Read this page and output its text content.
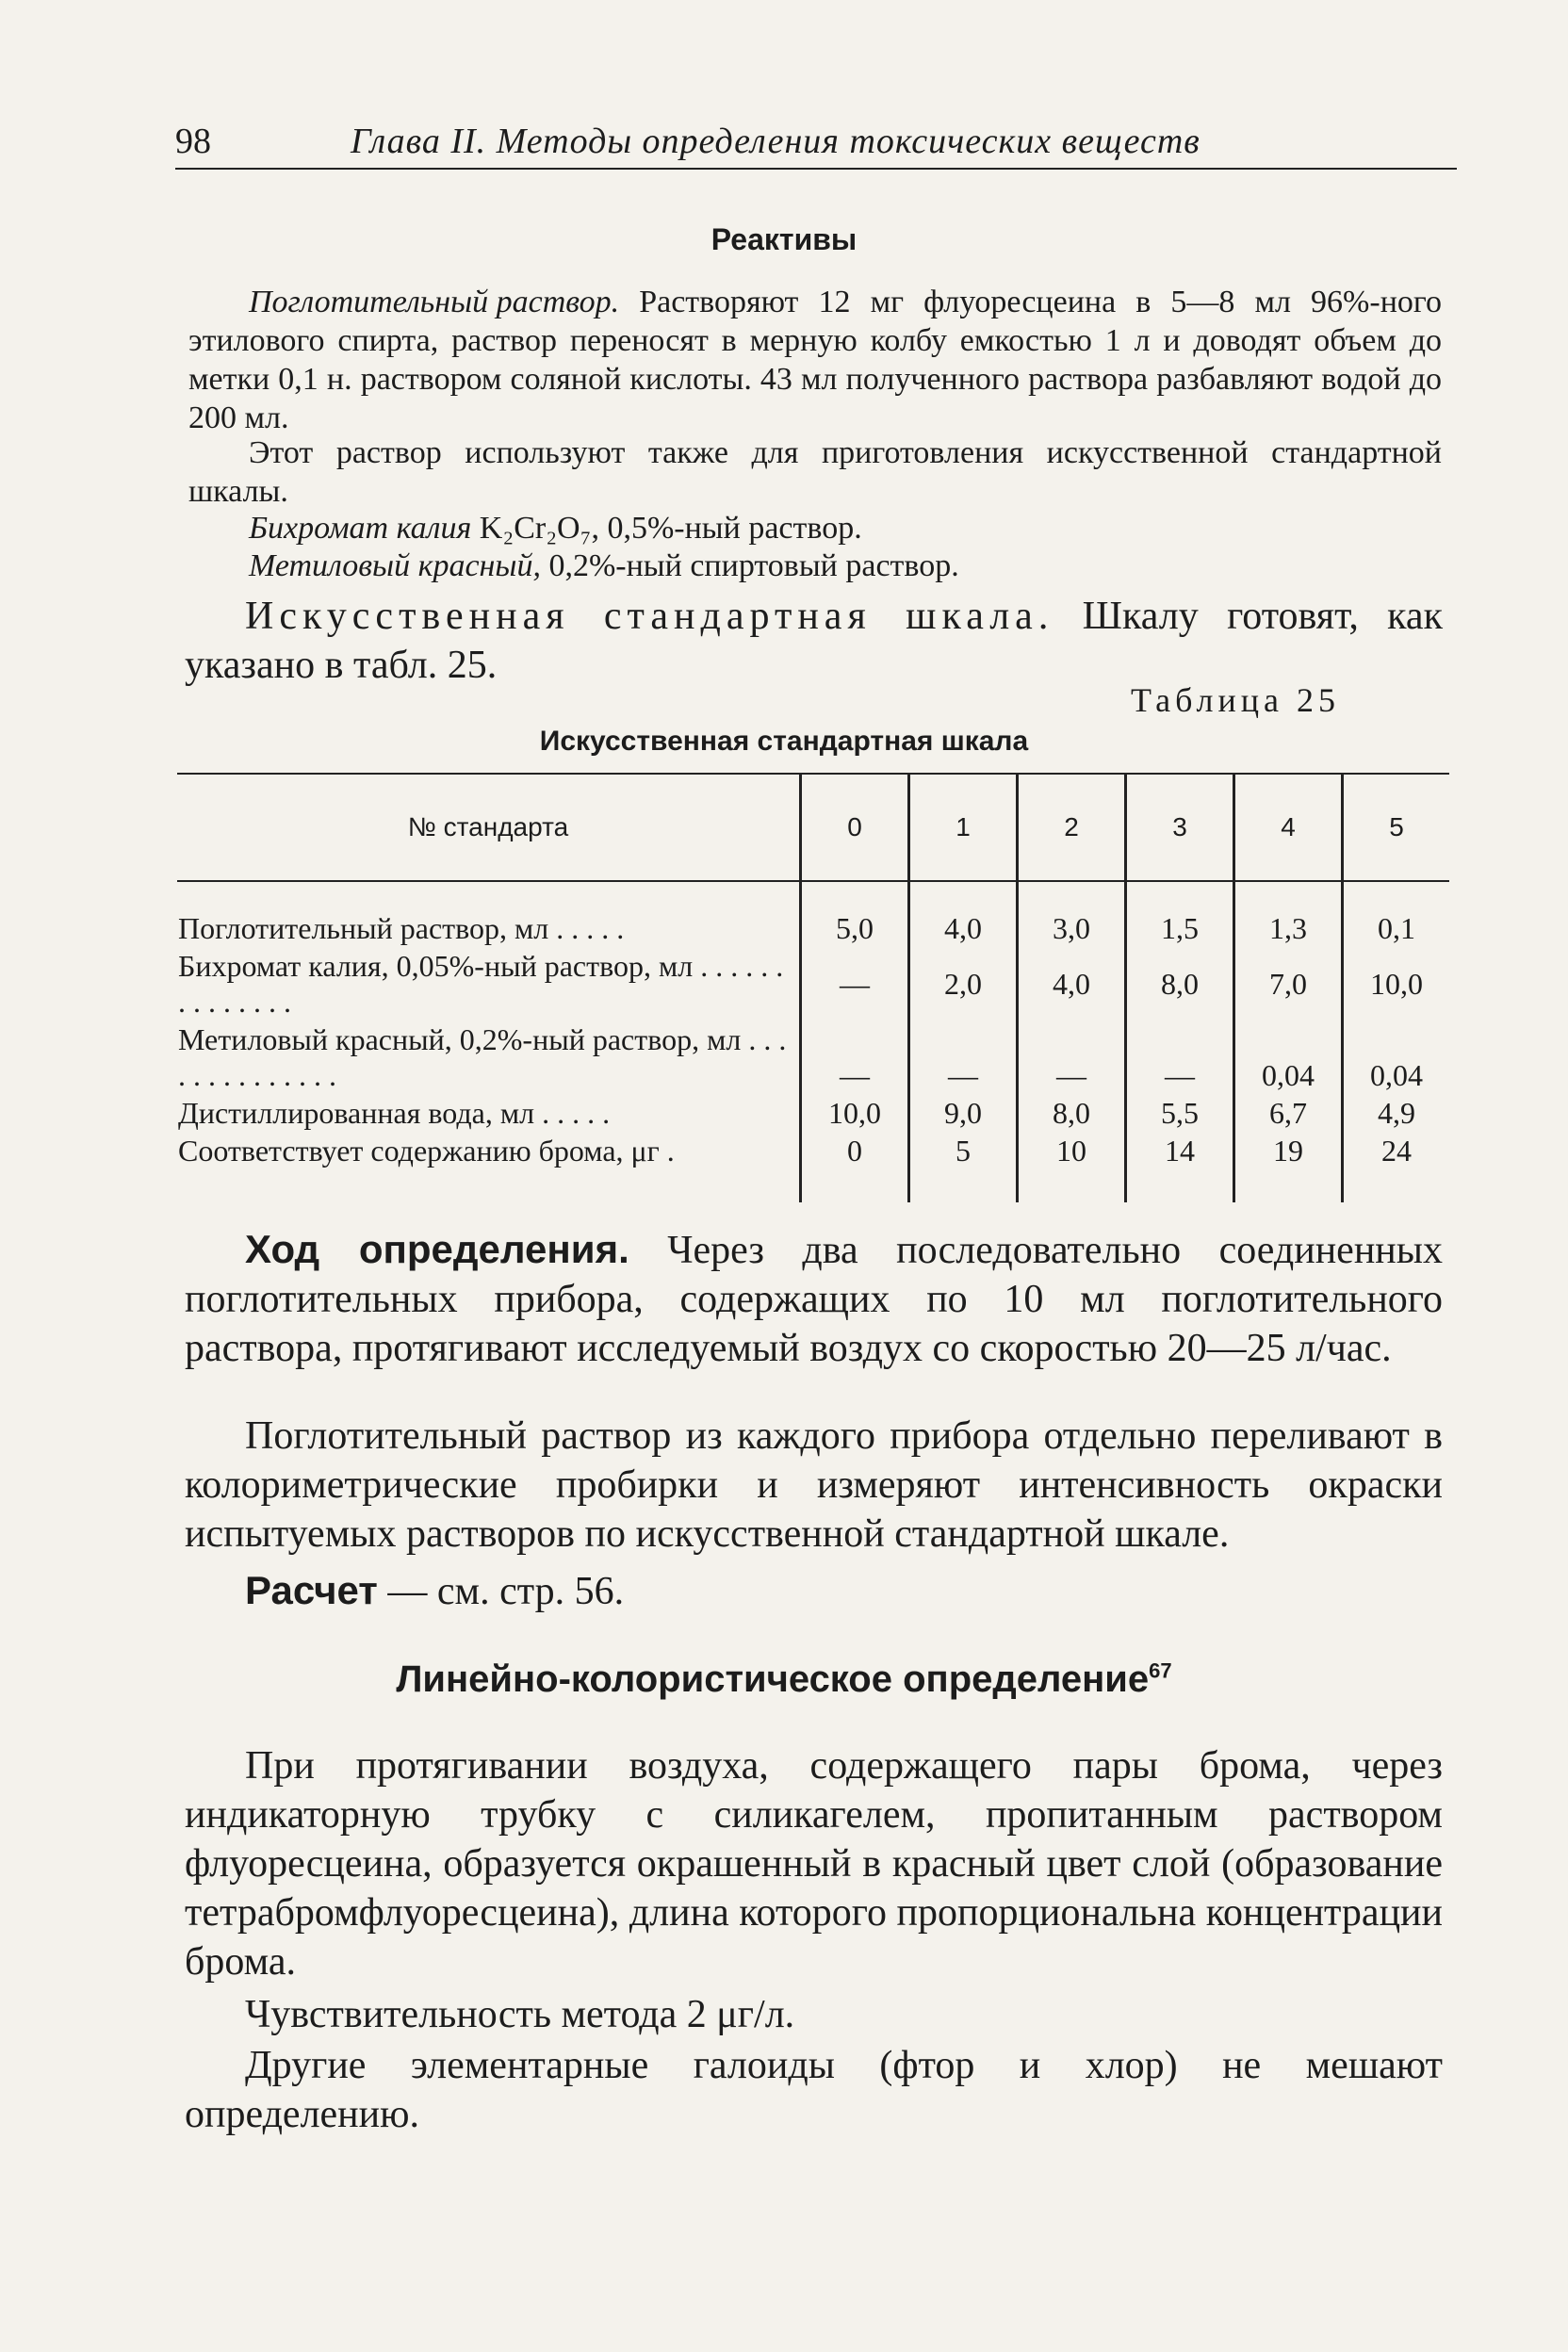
98	Глава II. Методы определения токсических веществ
Реактивы
Поглотительный раствор. Растворяют 12 мг флуоресцеина в 5—8 мл 96%-ного этилового спирта, раствор переносят в мерную колбу емкостью 1 л и доводят объем до метки 0,1 н. раствором соляной кислоты. 43 мл полученного раствора разбавляют водой до 200 мл.
Этот раствор используют также для приготовления искусственной стандартной шкалы.
Бихромат калия K₂Cr₂O₇, 0,5%-ный раствор.
Метиловый красный, 0,2%-ный спиртовый раствор.
Искусственная стандартная шкала. Шкалу готовят, как указано в табл. 25.
Таблица 25
Искусственная стандартная шкала
№ стандарта	0	1	2	3	4	5
Поглотительный раствор, мл . . . . .	5,0	4,0	3,0	1,5	1,3	0,1
Бихромат калия, 0,05%-ный раствор, мл . . . . . . . . . . . . . .	—	2,0	4,0	8,0	7,0	10,0
Метиловый красный, 0,2%-ный раствор, мл . . . . . . . . . . . . . .	—	—	—	—	0,04	0,04
Дистиллированная вода, мл . . . . .	10,0	9,0	8,0	5,5	6,7	4,9
Соответствует содержанию брома, μг .	0	5	10	14	19	24
Ход определения. Через два последовательно соединенных поглотительных прибора, содержащих по 10 мл поглотительного раствора, протягивают исследуемый воздух со скоростью 20—25 л/час.
Поглотительный раствор из каждого прибора отдельно переливают в колориметрические пробирки и измеряют интенсивность окраски испытуемых растворов по искусственной стандартной шкале.
Расчет — см. стр. 56.
Линейно-колористическое определение$^{67}$
При протягивании воздуха, содержащего пары брома, через индикаторную трубку с силикагелем, пропитанным раствором флуоресцеина, образуется окрашенный в красный цвет слой (образование тетрабромфлуоресцеина), длина которого пропорциональна концентрации брома.
Чувствительность метода 2 μг/л.
Другие элементарные галоиды (фтор и хлор) не мешают определению.
